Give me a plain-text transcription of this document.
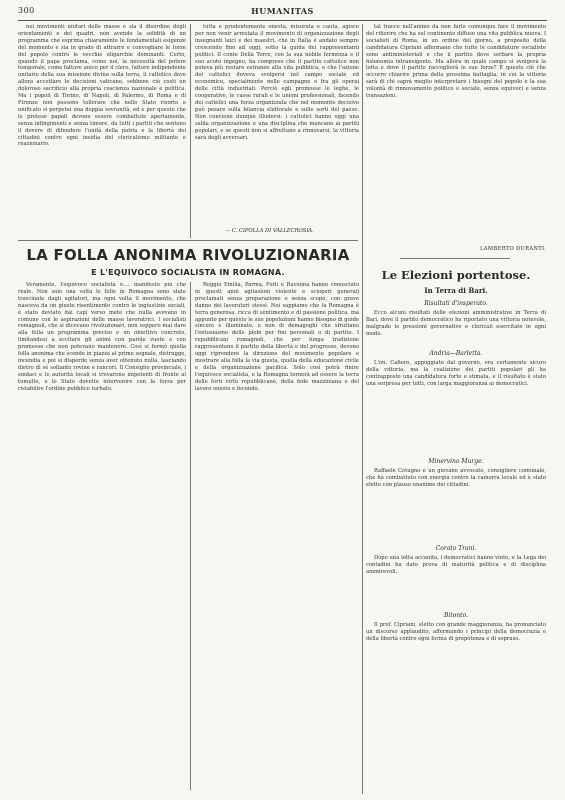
300	HUMANITAS

nei movimenti unitari delle masse e sia il disordine degli orientamenti e dei quadri, non avendo la solidità di un programma che esprima chiaramente le fondamentali esigenze del momento e sia in grado di attrarre e convogliare le forze del popolo contro le vecchie oligarchie dominanti. Certo, quando il papa proclama, come noi, la necessità del potere temporale, come fattore unico per il clero, fattore indipendente unitario della sua missione divina sulla terra, il cattolico deve allora accettare le decisioni vaticane, sebbene ciò costi un doloroso sacrificio alla propria coscienza nazionale e politica. Ma i popoli di Torino, di Napoli, di Palermo, di Roma e di Firenze non possono tollerare che nello Stato risorto e unificato si perpetui una doppia sovranità, ed è per questo che le pretese papali devono essere combattute apertamente, senza infingimenti e senza timore, da tutti i partiti che sentono il dovere di difendere l'unità della patria e la libertà dei cittadini contro ogni insidia del clericalismo militante e reazionario.

tutta e prudentemente onesta, misurata e cauta, agisce per non venir arrestata il movimento di organizzazione degli insegnanti laici e dei maestri, che in Italia è andato sempre crescendo fino ad oggi, sotto la guida dei rappresentanti politici. Il conte Della Torre, con la sua nobile fermezza e il suo acuto ingegno, ha compreso che il partito cattolico non poteva più restare estraneo alla vita pubblica, e che l'azione dei cattolici doveva svolgersi nel campo sociale ed economico, specialmente nelle campagne e fra gli operai delle città industriali. Perciò egli promosse le leghe, le cooperative, le casse rurali e le unioni professionali, facendo dei cattolici una forza organizzata che nel momento decisivo può pesare sulla bilancia elettorale e sulle sorti del paese. Non conviene dunque illudersi: i cattolici hanno oggi una salda organizzazione e una disciplina che mancano ai partiti popolari, e se questi non si affrettano a rinnovarsi, la vittoria sarà degli avversari.

— C. CIPOLLA DI VALLECROSIA.

tal tracce nell'animo da non farlo comunque fare il movimento del rifiorire che ha sul continente diffuso una vita pubblica nuova. I socialisti di Roma, in un ordine del giorno, a proposito della candidatura Cipriani affermano che tutte le candidature socialiste sono antiministeriali e che il partito deve serbare la propria fisionomia intransigente. Ma allora in quale campo si svolgerà la lotta e dove il partito raccoglierà le sue forze? È questo ciò che occorre chiarire prima della prossima battaglia, in cui la vittoria sarà di chi saprà meglio interpretare i bisogni del popolo e la sua volontà di rinnovamento politico e sociale, senza equivoci e senza transazioni.

LAMBERTO DURANTI.
LA FOLLA ANONIMA RIVOLUZIONARIA
E L'EQUIVOCO SOCIALISTA IN ROMAGNA.

Veramente, l'equivoco socialista è.... manifesto più che reale. Non solo una volta le folle in Romagna sono state trascinate dagli agitatori, ma ogni volta il movimento, che nasceva da un giusto risentimento contro le ingiustizie sociali, è stato deviato dai capi verso mete che nulla avevano in comune con le aspirazioni delle masse lavoratrici. I socialisti romagnoli, che si dicevano rivoluzionari, non seppero mai dare alla folla un programma preciso e un obiettivo concreto, limitandosi a eccitare gli animi con parole vuote e con promesse che non potevano mantenere. Così si formò quella folla anonima che scende in piazza al primo segnale, distrugge, incendia e poi si disperde senza aver ottenuto nulla, lasciando dietro di sé soltanto rovine e rancori. Il Consiglio provinciale, i sindaci e le autorità locali si trovarono impotenti di fronte al tumulto, e lo Stato dovette intervenire con la forza per ristabilire l'ordine pubblico turbato.

Reggio Emilia, Parma, Forlì e Ravenna hanno conosciuto in questi anni agitazioni violente e scioperi generali proclamati senza preparazione e senza scopo, con grave danno dei lavoratori stessi. Noi sappiamo che la Romagna è terra generosa, ricca di sentimento e di passione politica, ma appunto per questo le sue popolazioni hanno bisogno di guide sincere e illuminate, e non di demagoghi che sfruttano l'entusiasmo delle plebi per fini personali o di partito. I repubblicani romagnoli, che per lunga tradizione rappresentano il partito della libertà e del progresso, devono oggi riprendere la direzione del movimento popolare e mostrare alla folla la via giusta, quella della educazione civile e della organizzazione pacifica. Solo così potrà finire l'equivoco socialista, e la Romagna tornerà ad essere la terra delle forti virtù repubblicane, della fede mazziniana e del lavoro onesto e fecondo.

Le Elezioni portentose.
In Terra di Bari.
Risultati d'insperato.

Ecco alcuni risultati delle elezioni amministrative in Terra di Bari, dove il partito democratico ha riportato una vittoria notevole, malgrado le pressioni governative e clericali esercitate in ogni modo.

Andria—Barletta.

L'on. Cafiero, appoggiato dal governo, era certamente sicuro della vittoria, ma la coalizione dei partiti popolari gli ha contrapposto una candidatura forte e stimata, e il risultato è stato una sorpresa per tutti, con larga maggioranza ai democratici.

Minervino Murge.

Raffaele Cotugno è un giovane avvocato, consigliere comunale, che ha combattuto con energia contro la camorra locale ed è stato eletto con plauso unanime dei cittadini.

Corato Trani.

Dopo una lotta accanita, i democratici hanno vinto, e la Lega dei contadini ha dato prova di maturità politica e di disciplina ammirevoli.

Bitonto.

Il prof. Cipriani, eletto con grande maggioranza, ha pronunciato un discorso applaudito, affermando i principi della democrazia e della libertà contro ogni forma di prepotenza e di sopruso.
